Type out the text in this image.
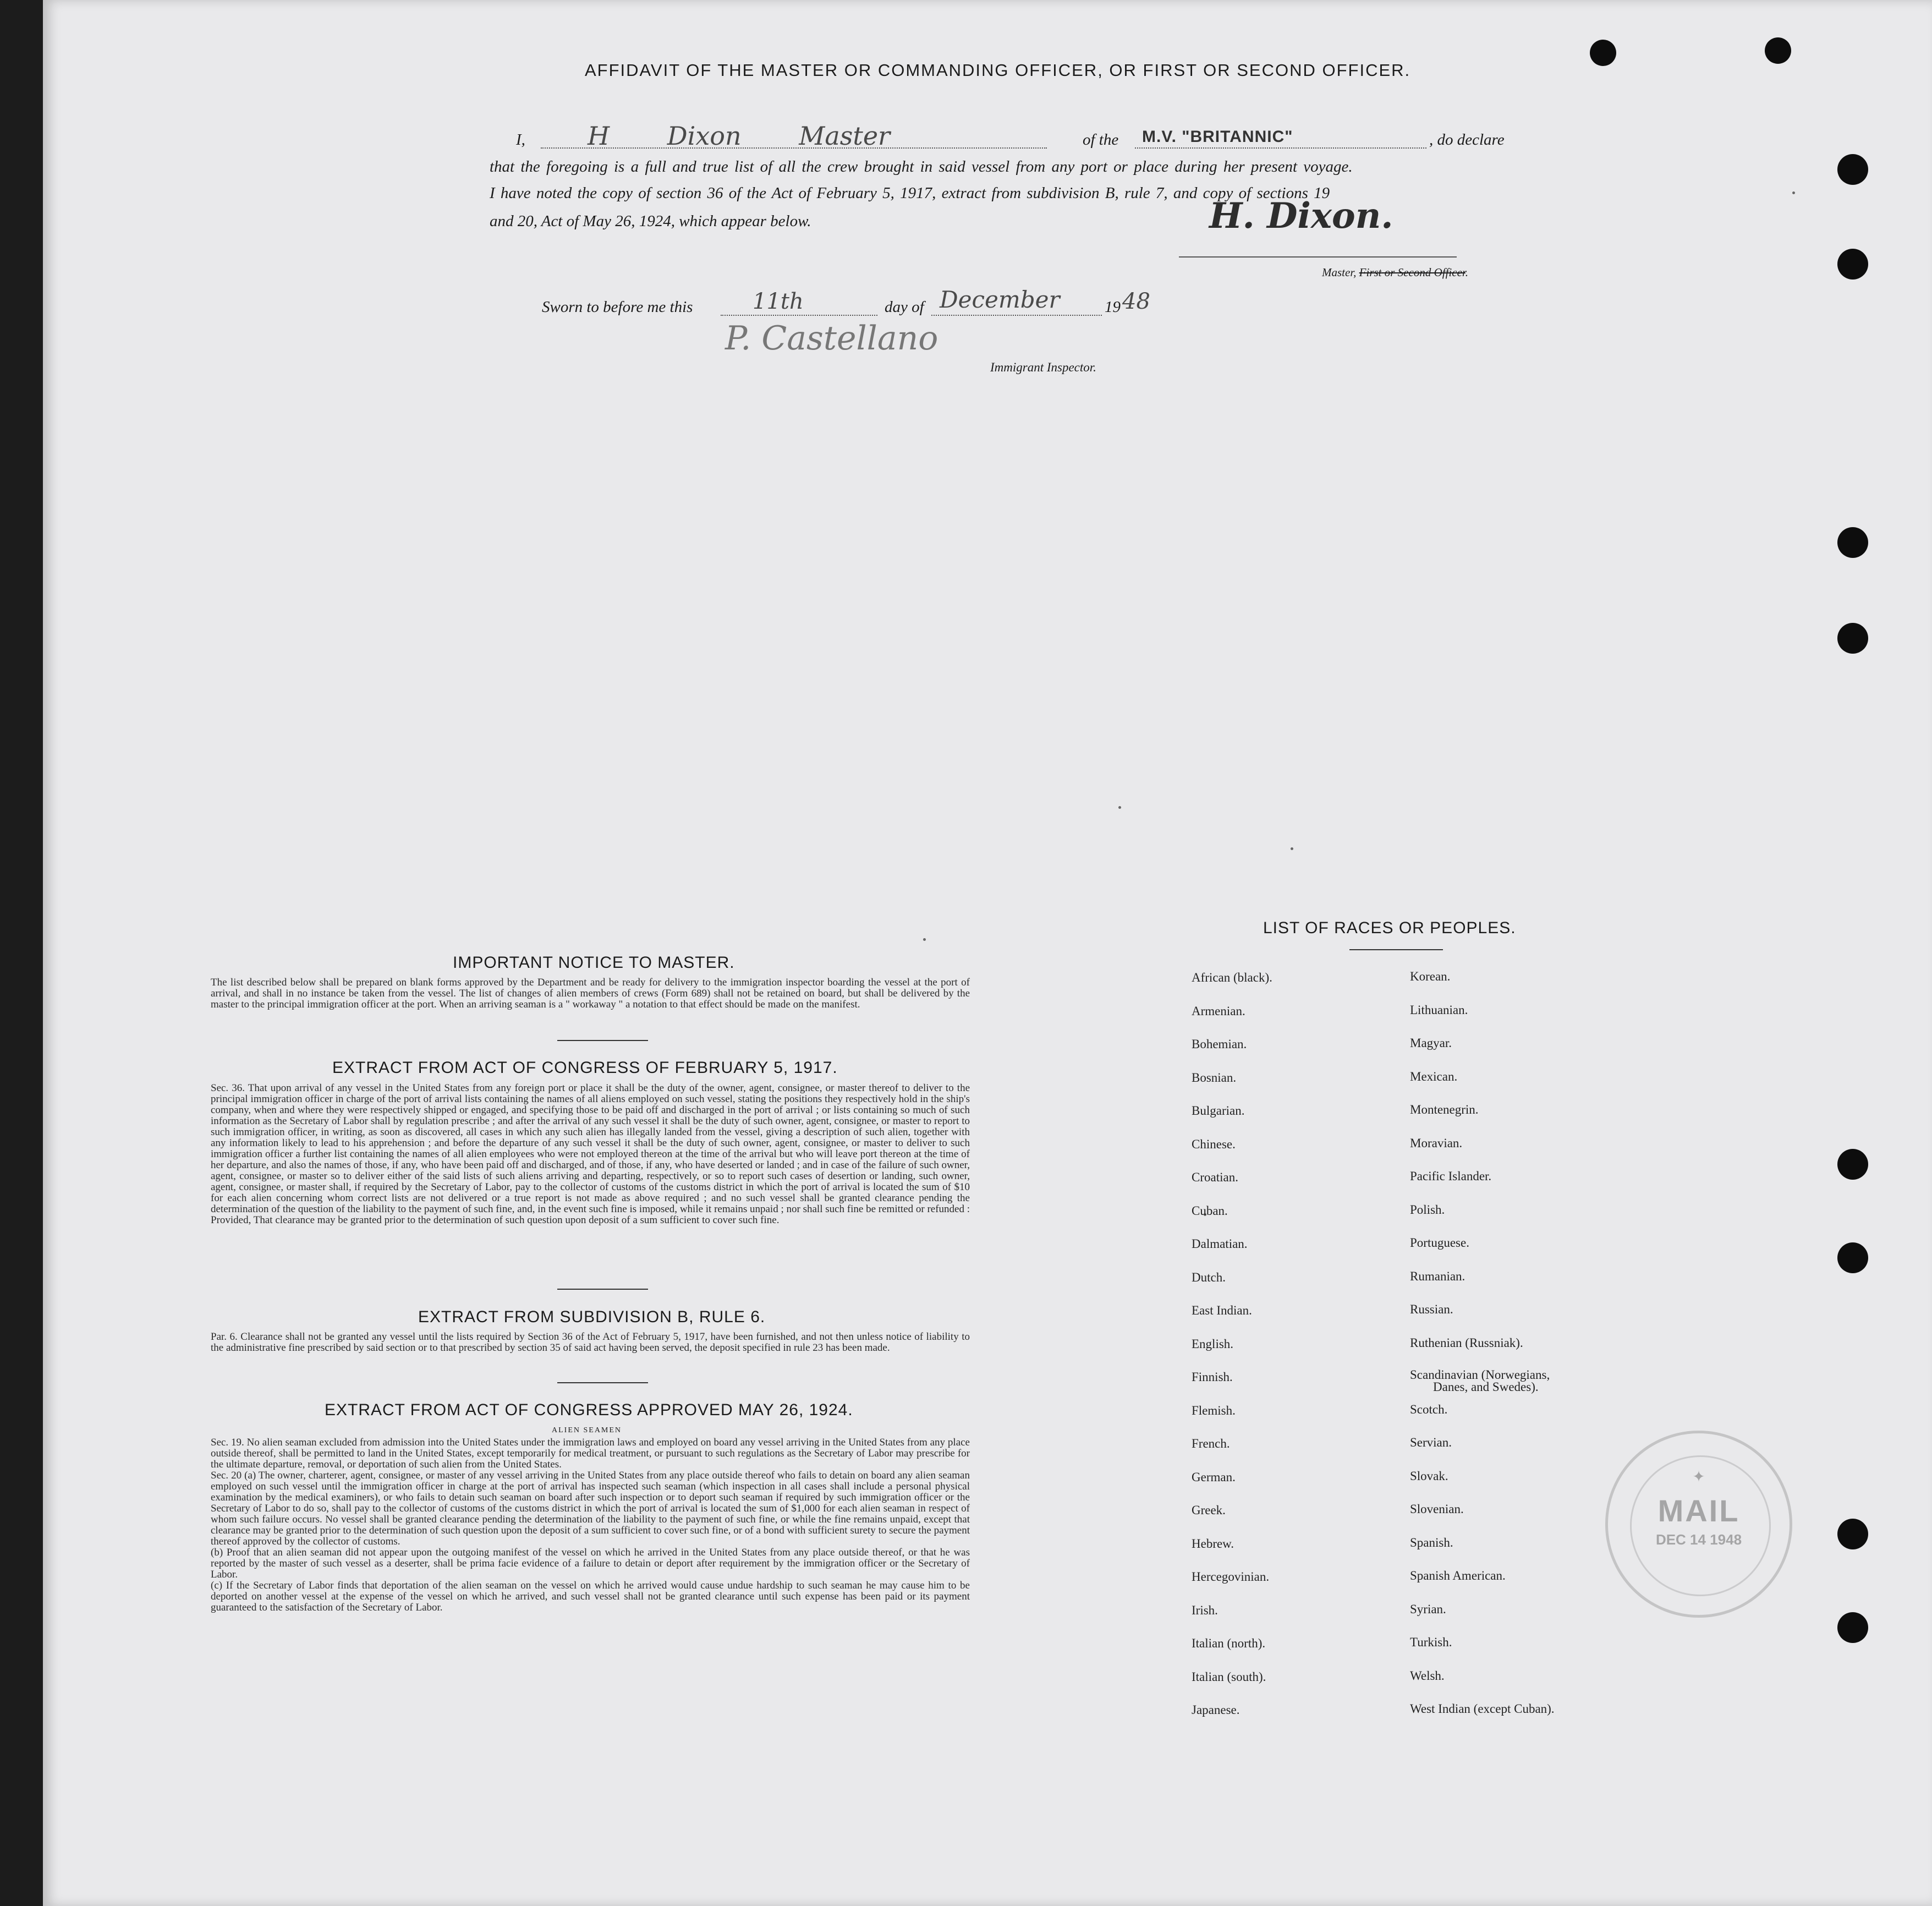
AFFIDAVIT OF THE MASTER OR COMMANDING OFFICER, OR FIRST OR SECOND OFFICER.

I, H Dixon Master	of the M.V. "BRITANNIC"	, do declare

that the foregoing is a full and true list of all the crew brought in said vessel from any port or place during her present voyage.

I have noted the copy of section 36 of the Act of February 5, 1917, extract from subdivision B, rule 7, and copy of sections 19

and 20, Act of May 26, 1924, which appear below.	H. Dixon.

Master, First or Second Officer.

Sworn to before me this	11th	day of December	19 48
P. Castellano

Immigrant Inspector.

IMPORTANT NOTICE TO MASTER.

The list described below shall be prepared on blank forms approved by the Department and be ready for delivery to the immigration inspector boarding the vessel at the port of arrival, and shall in no instance be taken from the vessel. The list of changes of alien members of crews (Form 689) shall not be retained on board, but shall be delivered by the master to the principal immigration officer at the port. When an arriving seaman is a " workaway " a notation to that effect should be made on the manifest.

EXTRACT FROM ACT OF CONGRESS OF FEBRUARY 5, 1917.

Sec. 36. That upon arrival of any vessel in the United States from any foreign port or place it shall be the duty of the owner, agent, consignee, or master thereof to deliver to the principal immigration officer in charge of the port of arrival lists containing the names of all aliens employed on such vessel, stating the positions they respectively hold in the ship's company, when and where they were respectively shipped or engaged, and specifying those to be paid off and discharged in the port of arrival ; or lists containing so much of such information as the Secretary of Labor shall by regulation prescribe ; and after the arrival of any such vessel it shall be the duty of such owner, agent, consignee, or master to report to such immigration officer, in writing, as soon as discovered, all cases in which any such alien has illegally landed from the vessel, giving a description of such alien, together with any information likely to lead to his apprehension ; and before the departure of any such vessel it shall be the duty of such owner, agent, consignee, or master to deliver to such immigration officer a further list containing the names of all alien employees who were not employed thereon at the time of the arrival but who will leave port thereon at the time of her departure, and also the names of those, if any, who have been paid off and discharged, and of those, if any, who have deserted or landed ; and in case of the failure of such owner, agent, consignee, or master so to deliver either of the said lists of such aliens arriving and departing, respectively, or so to report such cases of desertion or landing, such owner, agent, consignee, or master shall, if required by the Secretary of Labor, pay to the collector of customs of the customs district in which the port of arrival is located the sum of $10 for each alien concerning whom correct lists are not delivered or a true report is not made as above required ; and no such vessel shall be granted clearance pending the determination of the question of the liability to the payment of such fine, and, in the event such fine is imposed, while it remains unpaid ; nor shall such fine be remitted or refunded : Provided, That clearance may be granted prior to the determination of such question upon deposit of a sum sufficient to cover such fine.

EXTRACT FROM SUBDIVISION B, RULE 6.

Par. 6. Clearance shall not be granted any vessel until the lists required by Section 36 of the Act of February 5, 1917, have been furnished, and not then unless notice of liability to the administrative fine prescribed by said section or to that prescribed by section 35 of said act having been served, the deposit specified in rule 23 has been made.

EXTRACT FROM ACT OF CONGRESS APPROVED MAY 26, 1924.

ALIEN SEAMEN

Sec. 19. No alien seaman excluded from admission into the United States under the immigration laws and employed on board any vessel arriving in the United States from any place outside thereof, shall be permitted to land in the United States, except temporarily for medical treatment, or pursuant to such regulations as the Secretary of Labor may prescribe for the ultimate departure, removal, or deportation of such alien from the United States.

Sec. 20 (a) The owner, charterer, agent, consignee, or master of any vessel arriving in the United States from any place outside thereof who fails to detain on board any alien seaman employed on such vessel until the immigration officer in charge at the port of arrival has inspected such seaman (which inspection in all cases shall include a personal physical examination by the medical examiners), or who fails to detain such seaman on board after such inspection or to deport such seaman if required by such immigration officer or the Secretary of Labor to do so, shall pay to the collector of customs of the customs district in which the port of arrival is located the sum of $1,000 for each alien seaman in respect of whom such failure occurs. No vessel shall be granted clearance pending the determination of the liability to the payment of such fine, or while the fine remains unpaid, except that clearance may be granted prior to the determination of such question upon the deposit of a sum sufficient to cover such fine, or of a bond with sufficient surety to secure the payment thereof approved by the collector of customs.

(b) Proof that an alien seaman did not appear upon the outgoing manifest of the vessel on which he arrived in the United States from any place outside thereof, or that he was reported by the master of such vessel as a deserter, shall be prima facie evidence of a failure to detain or deport after requirement by the immigration officer or the Secretary of Labor.

(c) If the Secretary of Labor finds that deportation of the alien seaman on the vessel on which he arrived would cause undue hardship to such seaman he may cause him to be deported on another vessel at the expense of the vessel on which he arrived, and such vessel shall not be granted clearance until such expense has been paid or its payment guaranteed to the satisfaction of the Secretary of Labor.

LIST OF RACES OR PEOPLES.

African (black).
Armenian.
Bohemian.
Bosnian.
Bulgarian.
Chinese.
Croatian.
Cuban.
Dalmatian.
Dutch.
East Indian.
English.
Finnish.
Flemish.
French.
German.
Greek.
Hebrew.
Hercegovinian.
Irish.
Italian (north).
Italian (south).
Japanese.
Korean.
Lithuanian.
Magyar.
Mexican.
Montenegrin.
Moravian.
Pacific Islander.
Polish.
Portuguese.
Rumanian.
Russian.
Ruthenian (Russniak).
Scandinavian (Norwegians,
Danes, and Swedes).
Scotch.
Servian.
Slovak.
Slovenian.
Spanish.
Spanish American.
Syrian.
Turkish.
Welsh.
West Indian (except Cuban).
✦
MAIL
DEC 14 1948
